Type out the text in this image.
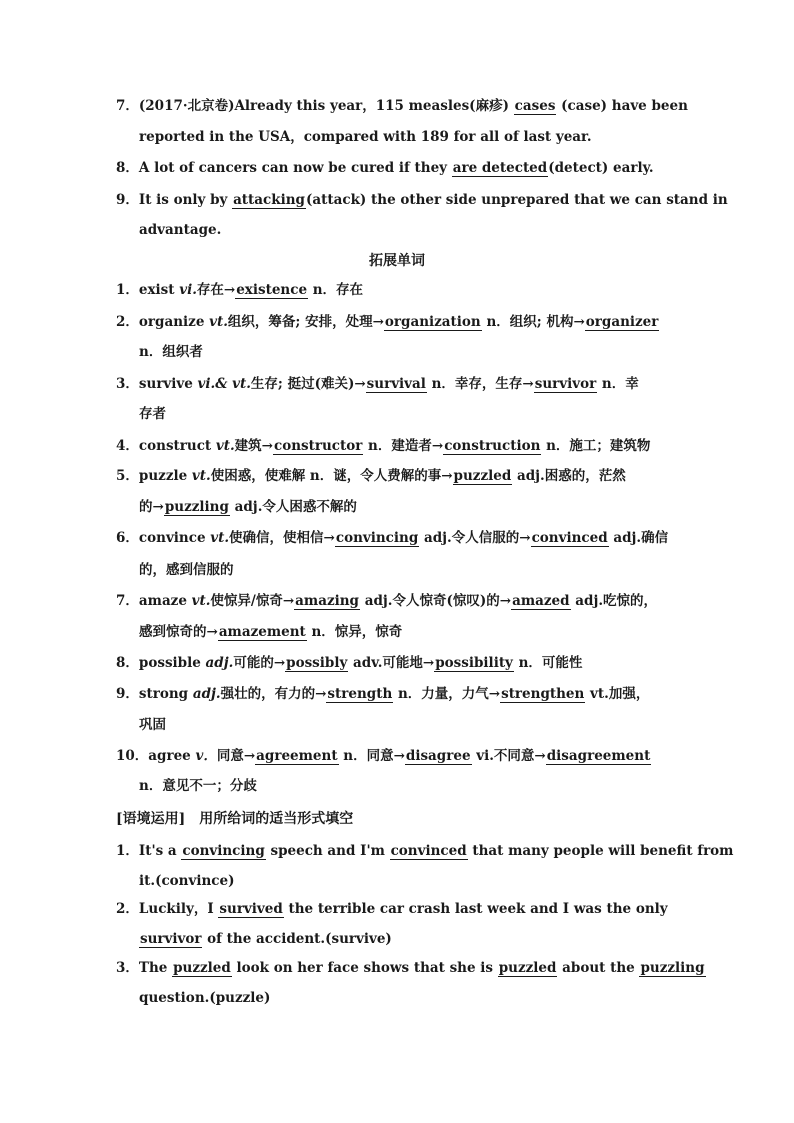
7．(2017·北京卷)Already this year，115 measles(麻疹) cases (case) have been
reported in the USA，compared with 189 for all of last year.
8．A lot of cancers can now be cured if they are detected(detect) early.
9．It is only by attacking(attack) the other side unprepared that we can stand in
advantage.
拓展单词
1．exist vi.存在→existence n．存在
2．organize vt.组织，筹备; 安排，处理→organization n．组织; 机构→organizer
n．组织者
3．survive vi.& vt.生存; 挺过(难关)→survival n．幸存，生存→survivor n．幸
存者
4．construct vt.建筑→constructor n．建造者→construction n．施工；建筑物
5．puzzle vt.使困惑，使难解 n．谜，令人费解的事→puzzled adj.困惑的，茫然
的→puzzling adj.令人困惑不解的
6．convince vt.使确信，使相信→convincing adj.令人信服的→convinced adj.确信
的，感到信服的
7．amaze vt.使惊异/惊奇→amazing adj.令人惊奇(惊叹)的→amazed adj.吃惊的，
感到惊奇的→amazement n．惊异，惊奇
8．possible adj.可能的→possibly adv.可能地→possibility n．可能性
9．strong adj.强壮的，有力的→strength n．力量，力气→strengthen vt.加强，
巩固
10．agree v．同意→agreement n．同意→disagree vi.不同意→disagreement
n．意见不一；分歧
[语境运用]　用所给词的适当形式填空
1．It's a convincing speech and I'm convinced that many people will benefit from
it.(convince)
2．Luckily，I survived the terrible car crash last week and I was the only
survivor of the accident.(survive)
3．The puzzled look on her face shows that she is puzzled about the puzzling
question.(puzzle)
